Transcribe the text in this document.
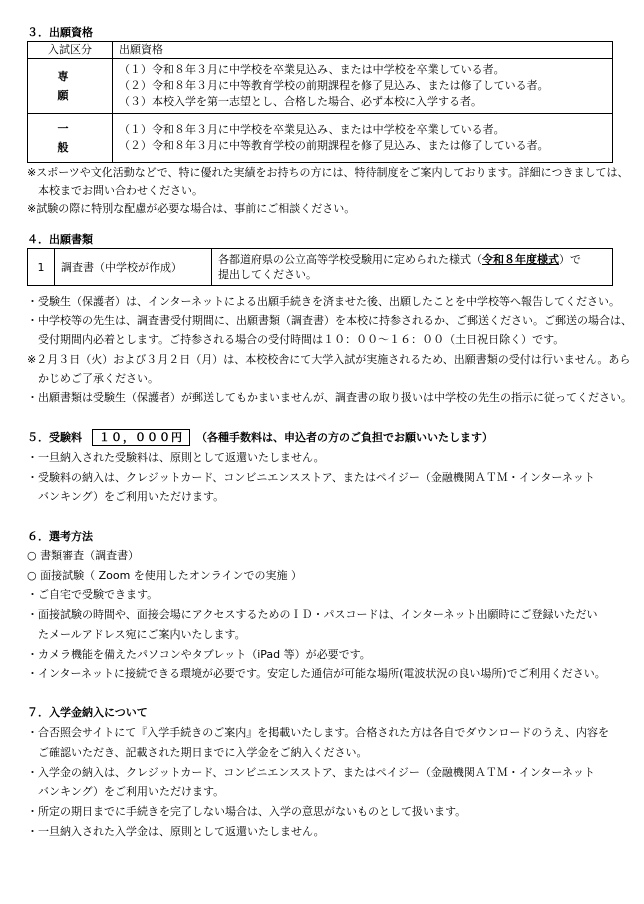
３．出願資格
入試区分	出願資格
専　願	（１）令和８年３月に中学校を卒業見込み、または中学校を卒業している者。
（２）令和８年３月に中等教育学校の前期課程を修了見込み、または修了している者。
（３）本校入学を第一志望とし、合格した場合、必ず本校に入学する者。

一　般	（１）令和８年３月に中学校を卒業見込み、または中学校を卒業している者。
（２）令和８年３月に中等教育学校の前期課程を修了見込み、または修了している者。
※スポーツや文化活動などで、特に優れた実績をお持ちの方には、特待制度をご案内しております。詳細につきましては、
　本校までお問い合わせください。
※試験の際に特別な配慮が必要な場合は、事前にご相談ください。
４．出願書類
1	調査書（中学校が作成）	各都道府県の公立高等学校受験用に定められた様式（令和８年度様式）で
提出してください。
・受験生（保護者）は、インターネットによる出願手続きを済ませた後、出願したことを中学校等へ報告してください。
・中学校等の先生は、調査書受付期間に、出願書類（調査書）を本校に持参されるか、ご郵送ください。ご郵送の場合は、
　受付期間内必着とします。ご持参される場合の受付時間は１０：００～１６：００（土日祝日除く）です。
※２月３日（火）および３月２日（月）は、本校校舎にて大学入試が実施されるため、出願書類の受付は行いません。あら
　かじめご了承ください。
・出願書類は受験生（保護者）が郵送してもかまいませんが、調査書の取り扱いは中学校の先生の指示に従ってください。
５．受験料 １０，０００円 （各種手数料は、申込者の方のご負担でお願いいたします）
・一旦納入された受験料は、原則として返還いたしません。
・受験料の納入は、クレジットカード、コンビニエンスストア、またはペイジー（金融機関ＡＴＭ・インターネット
　バンキング）をご利用いただけます。
６．選考方法
○ 書類審査（調査書）
○ 面接試験（ Zoom を使用したオンラインでの実施 ）
・ご自宅で受験できます。
・面接試験の時間や、面接会場にアクセスするためのＩＤ・パスコードは、インターネット出願時にご登録いただい
　たメールアドレス宛にご案内いたします。
・カメラ機能を備えたパソコンやタブレット（iPad 等）が必要です。
・インターネットに接続できる環境が必要です。安定した通信が可能な場所(電波状況の良い場所)でご利用ください。
７．入学金納入について
・合否照会サイトにて『入学手続きのご案内』を掲載いたします。合格された方は各自でダウンロードのうえ、内容を
　ご確認いただき、記載された期日までに入学金をご納入ください。
・入学金の納入は、クレジットカード、コンビニエンスストア、またはペイジー（金融機関ＡＴＭ・インターネット
　バンキング）をご利用いただけます。
・所定の期日までに手続きを完了しない場合は、入学の意思がないものとして扱います。
・一旦納入された入学金は、原則として返還いたしません。
